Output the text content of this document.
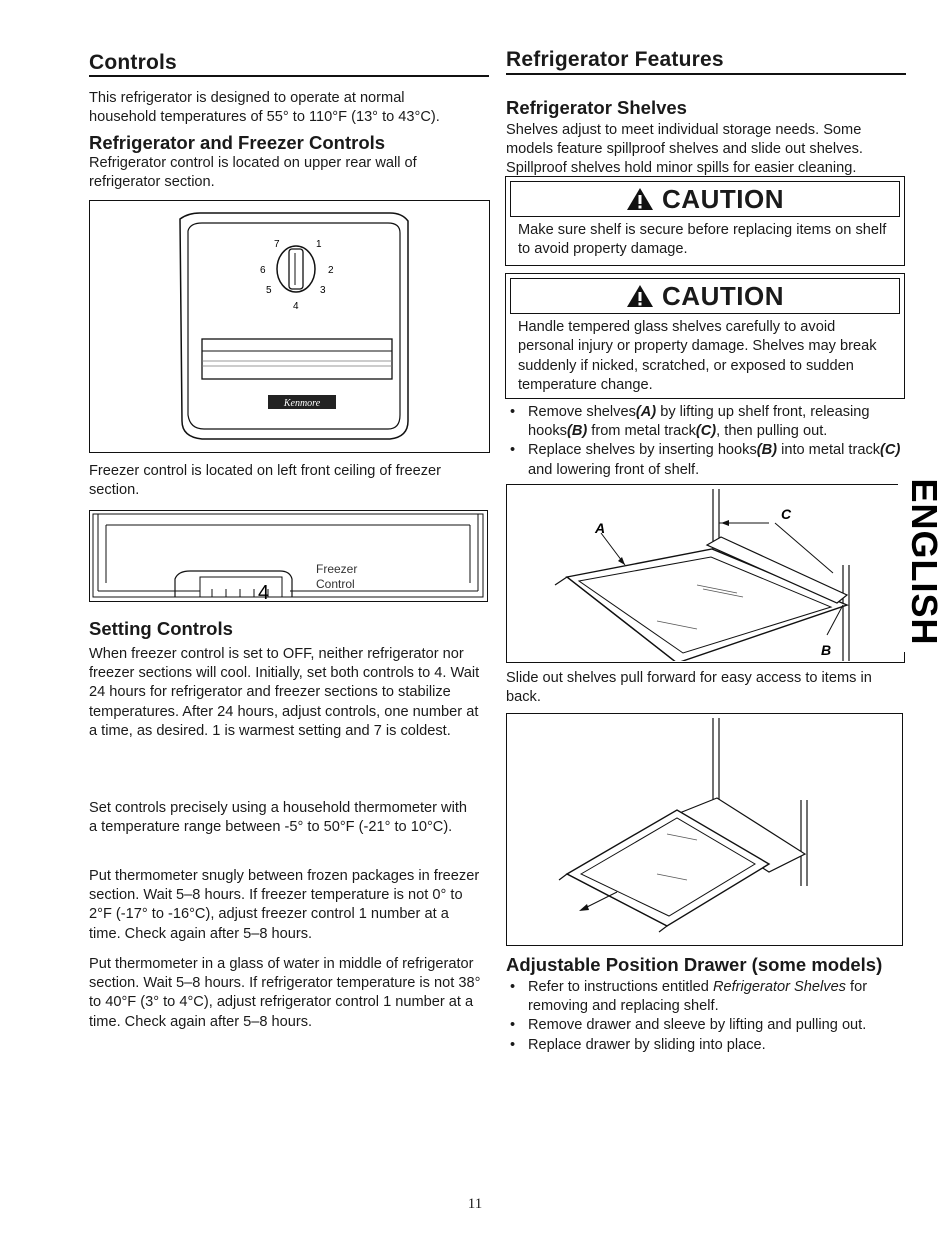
Controls
This refrigerator is designed to operate at normal household temperatures of 55° to 110°F (13° to 43°C).
Refrigerator and Freezer Controls
Refrigerator control is located on upper rear wall of refrigerator section.
Kenmore
7	1
6	2
5	3
4
Freezer control is located on left front ceiling of freezer section.
4
Freezer
Control
Setting Controls
When freezer control is set to OFF, neither refrigerator nor freezer sections will cool. Initially, set both controls to 4. Wait 24 hours for refrigerator and freezer sections to stabilize temperatures. After 24 hours, adjust controls, one number at a time, as desired. 1 is warmest setting and 7 is coldest.
Set controls precisely using a household thermometer with a temperature range between -5° to 50°F (-21° to 10°C).
Put thermometer snugly between frozen packages in freezer section. Wait 5–8 hours. If freezer temperature is not 0° to 2°F (-17° to -16°C), adjust freezer control 1 number at a time. Check again after 5–8 hours.
Put thermometer in a glass of water in middle of refrigerator section. Wait 5–8 hours. If refrigerator temperature is not 38° to 40°F (3° to 4°C), adjust refrigerator control 1 number at a time. Check again after 5–8 hours.
Refrigerator Features
Refrigerator Shelves
Shelves adjust to meet individual storage needs. Some models feature spillproof shelves and slide out shelves. Spillproof shelves hold minor spills for easier cleaning.
CAUTION
Make sure shelf is secure before replacing items on shelf to avoid property damage.
CAUTION
Handle tempered glass shelves carefully to avoid personal injury or property damage. Shelves may break suddenly if nicked, scratched, or exposed to sudden temperature change.
• Remove shelves(A) by lifting up shelf front, releasing hooks(B) from metal track(C), then pulling out.
• Replace shelves by inserting hooks(B) into metal track(C) and lowering front of shelf.
A
C
B
Slide out shelves pull forward for easy access to items in back.
Adjustable Position Drawer (some models)
• Refer to instructions entitled Refrigerator Shelves for removing and replacing shelf.
• Remove drawer and sleeve by lifting and pulling out.
• Replace drawer by sliding into place.
ENGLISH
11
